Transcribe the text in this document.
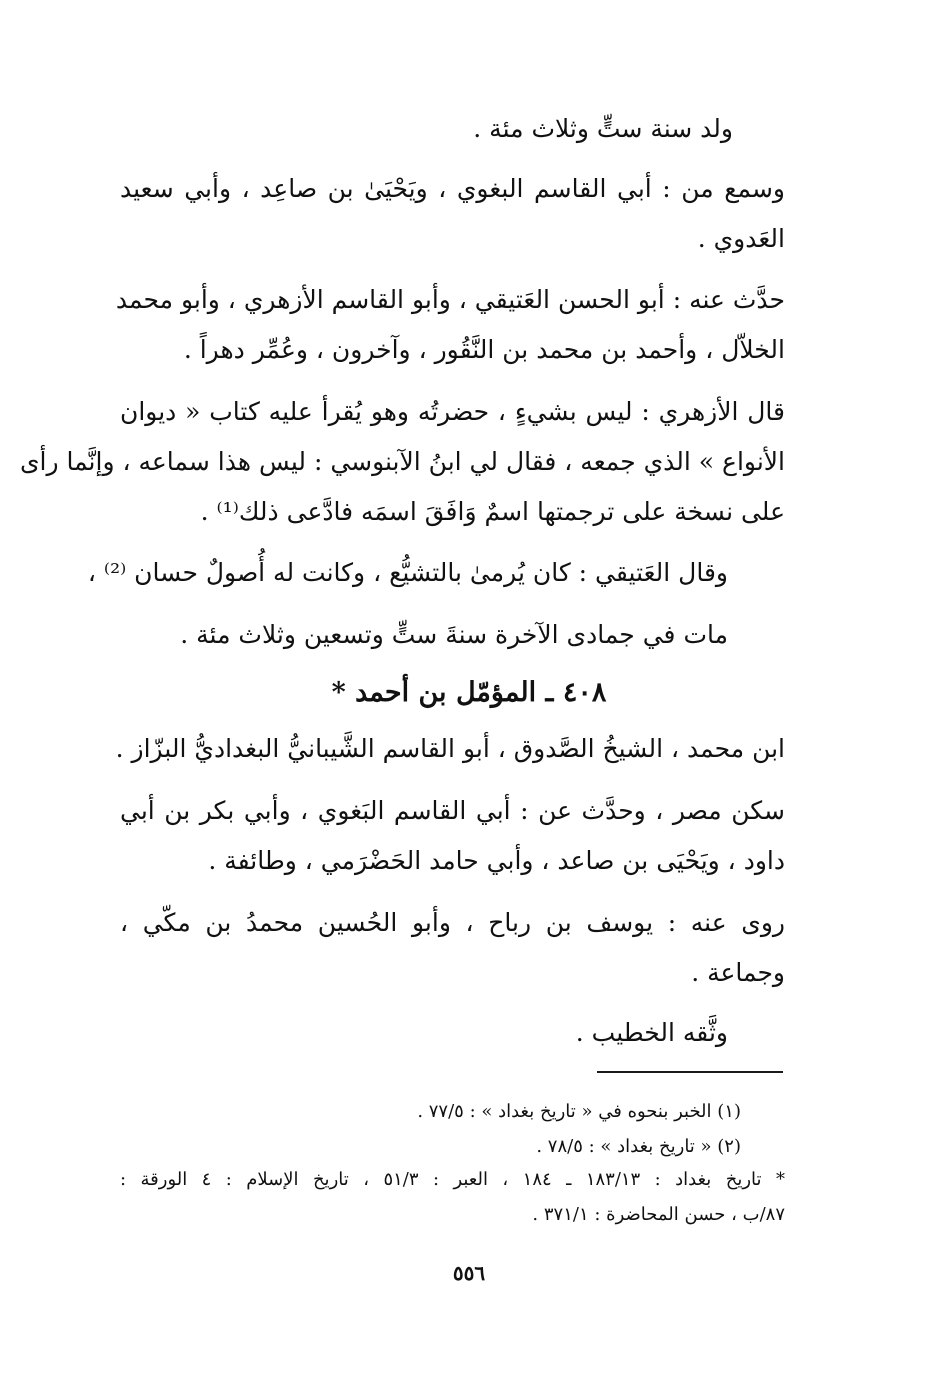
ولد سنة ستٍّ وثلاث مئة .
وسمع من : أبي القاسم البغوي ، ويَحْيَىٰ بن صاعِد ، وأبي سعيد
العَدوي .
حدَّث عنه : أبو الحسن العَتيقي ، وأبو القاسم الأزهري ، وأبو محمد
الخلاّل ، وأحمد بن محمد بن النَّقُور ، وآخرون ، وعُمِّر دهراً .
قال الأزهري : ليس بشيءٍ ، حضرتُه وهو يُقرأ عليه كتاب « ديوان
الأنواع » الذي جمعه ، فقال لي ابنُ الآبنوسي : ليس هذا سماعه ، وإنَّما رأى
على نسخة على ترجمتها اسمٌ وَافَقَ اسمَه فادَّعى ذلك⁽¹⁾ .
وقال العَتيقي : كان يُرمىٰ بالتشيُّع ، وكانت له أُصولٌ حسان ⁽²⁾ ،
مات في جمادى الآخرة سنةَ ستٍّ وتسعين وثلاث مئة .
٤٠٨ ـ المؤمّل بن أحمد *
ابن محمد ، الشيخُ الصَّدوق ، أبو القاسم الشَّيبانيُّ البغداديُّ البزّاز .
سكن مصر ، وحدَّث عن : أبي القاسم البَغوي ، وأبي بكر بن أبي
داود ، ويَحْيَى بن صاعد ، وأبي حامد الحَضْرَمي ، وطائفة .
روى عنه : يوسف بن رباح ، وأبو الحُسين محمدُ بن مكّي ،
وجماعة .
وثَّقه الخطيب .
(١) الخبر بنحوه في « تاريخ بغداد » : ٧٧/٥ .
(٢) « تاريخ بغداد » : ٧٨/٥ .
* تاريخ بغداد : ١٨٣/١٣ ـ ١٨٤ ، العبر : ٥١/٣ ، تاريخ الإسلام : ٤ الورقة :
٨٧/ب ، حسن المحاضرة : ٣٧١/١ .
٥٥٦
